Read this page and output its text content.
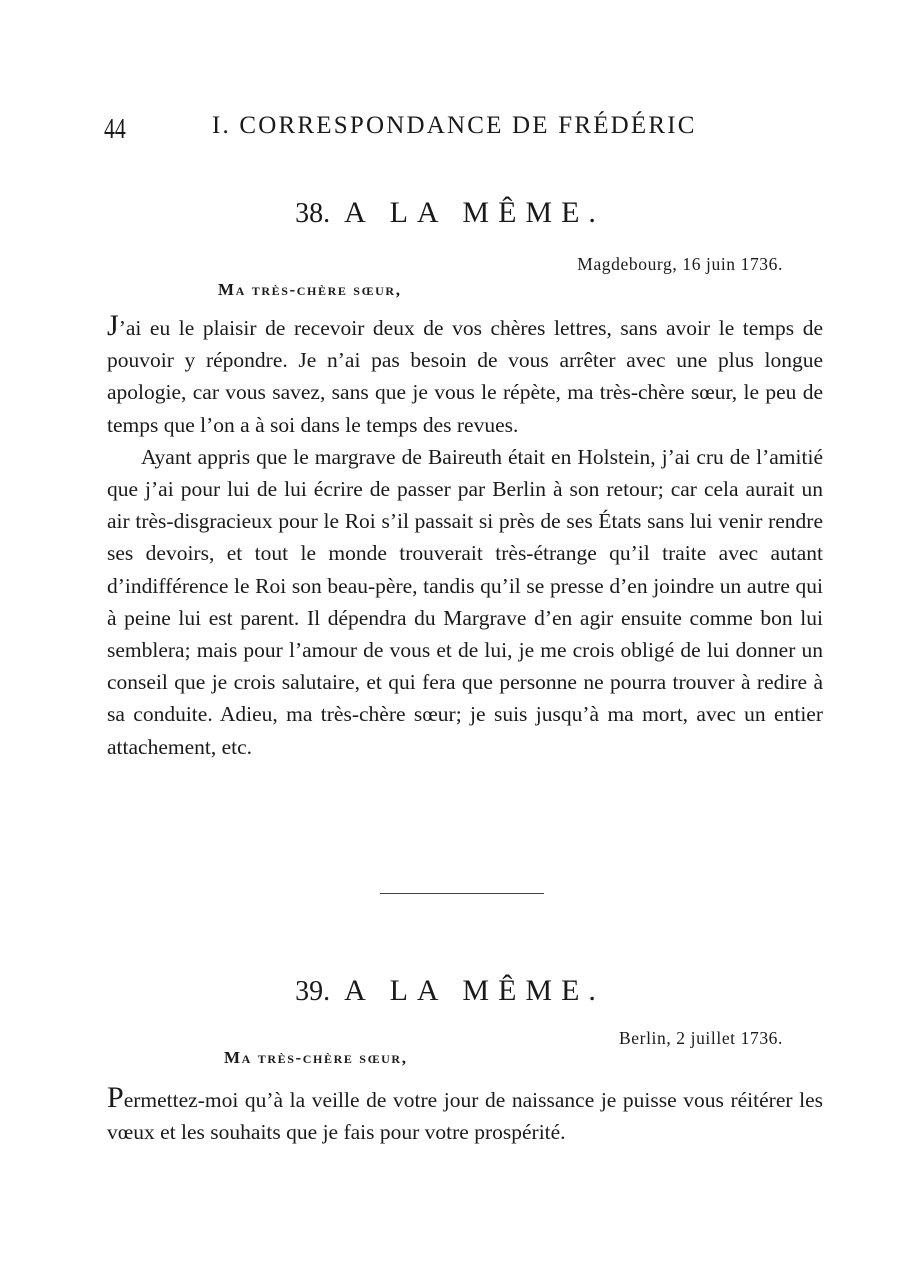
44	I. CORRESPONDANCE DE FRÉDÉRIC
38. A LA MÊME.
Magdebourg, 16 juin 1736.
Ma très-chère sœur,

J’ai eu le plaisir de recevoir deux de vos chères lettres, sans avoir le temps de pouvoir y répondre. Je n’ai pas besoin de vous arrêter avec une plus longue apologie, car vous savez, sans que je vous le répète, ma très-chère sœur, le peu de temps que l’on a à soi dans le temps des revues.

Ayant appris que le margrave de Baireuth était en Holstein, j’ai cru de l’amitié que j’ai pour lui de lui écrire de passer par Berlin à son retour; car cela aurait un air très-disgracieux pour le Roi s’il passait si près de ses États sans lui venir rendre ses devoirs, et tout le monde trouverait très-étrange qu’il traite avec autant d’indifférence le Roi son beau-père, tandis qu’il se presse d’en joindre un autre qui à peine lui est parent. Il dépendra du Margrave d’en agir ensuite comme bon lui semblera; mais pour l’amour de vous et de lui, je me crois obligé de lui donner un conseil que je crois salutaire, et qui fera que personne ne pourra trouver à redire à sa conduite. Adieu, ma très-chère sœur; je suis jusqu’à ma mort, avec un entier attachement, etc.

39. A LA MÊME.
Berlin, 2 juillet 1736.
Ma très-chère sœur,

Permettez-moi qu’à la veille de votre jour de naissance je puisse vous réitérer les vœux et les souhaits que je fais pour votre prospérité.
